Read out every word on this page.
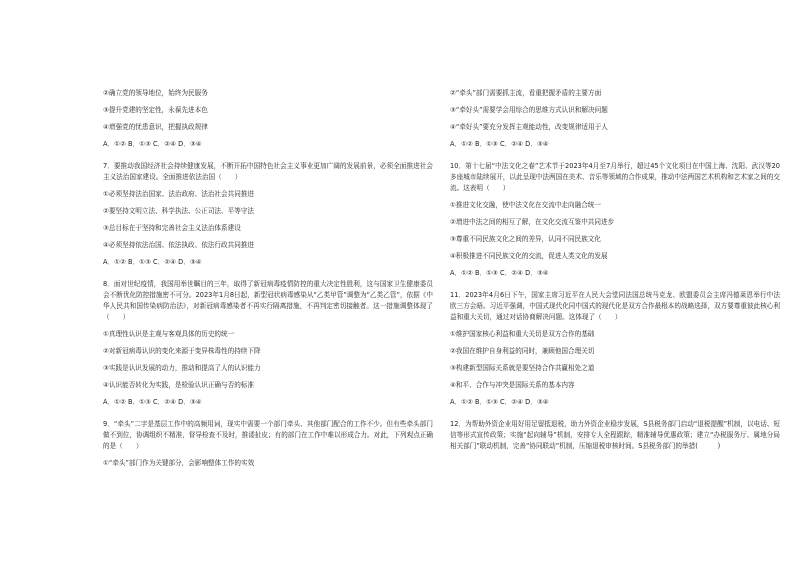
②确立党的领导地位，始终为民服务
③提升党建的坚定性，永葆先进本色
④增强党的忧患意识，把握执政规律
A．①② B．①③ C．②④ D．③④
7．要推动我国经济社会持续健康发展，不断开拓中国特色社会主义事业更加广阔的发展前景，必须全面推进社会主义法治国家建设。全面推进依法治国（　　）
①必须坚持法治国家、法治政府、法治社会共同推进
②要坚持文明立法、科学执法、公正司法、平等守法
③总目标在于坚持和完善社会主义法治体系建设
④必须坚持依法治国、依法执政、依法行政共同推进
A．①② B．①③ C．②④ D．③④
8．面对世纪疫情，我国用举世瞩目的三年，取得了新冠病毒疫情防控的重大决定性胜利，这与国家卫生健康委员会不断优化防控措施密不可分。2023年1月8日起，新型冠状病毒感染从“乙类甲管”调整为“乙类乙管”，依据《中华人民共和国传染病防治法》，对新冠病毒感染者不再实行隔离措施，不再判定密切接触者。这一措施调整体现了（　　）
①真理性认识是主观与客观具体的历史的统一
②对新冠病毒认识的变化来源于变异株毒性的持续下降
③实践是认识发展的动力，推动和提高了人的认识能力
④认识能否转化为实践，是检验认识正确与否的标准
A．①② B．①③ C．②④ D．③④
9．“牵头”二字是基层工作中的高频用词，现实中需要一个部门牵头、其他部门配合的工作不少。但有些牵头部门做不到位，协调组织不精准，督导检查不及时，推诿扯皮；有的部门在工作中难以形成合力。对此，下列观点正确的是（　　）
①“牵头”部门作为关键部分，会影响整体工作的实效
②“牵头”部门需要抓主流，看重把握矛盾的主要方面
③“牵好头”需要学会用综合的思维方式认识和解决问题
④“牵好头”要充分发挥主观能动性，改变规律适用于人
A．①② B．①③ C．②④ D．③④
10．第十七届“中法文化之春”艺术节于2023年4月至7月举行，超过45个文化项目在中国上海、沈阳、武汉等20多座城市陆续展开，以此呈现中法两国在美术、音乐等领域的合作成果，推动中法两国艺术机构和艺术家之间的交流。这表明（　　）
①推进文化交融，使中法文化在交流中走向融合统一
②增进中法之间的相互了解，在文化交流互鉴中共同进步
③尊重不同民族文化之间的差异，认同不同民族文化
④积极推进不同民族文化的交流，促进人类文化的发展
A．①② B．①③ C．②④ D．③④
11．2023年4月6日下午，国家主席习近平在人民大会堂同法国总统马克龙、欧盟委员会主席冯德莱恩举行中法欧三方会晤。习近平强调，中国式现代化同中国式的现代化是双方合作最根本的战略选择，双方要尊重彼此核心利益和重大关切，通过对话协商解决问题。这体现了（　　）
①维护国家核心利益和重大关切是双方合作的基础
②我国在维护自身利益的同时，兼顾他国合理关切
③构建新型国际关系就是要坚持合作共赢相处之道
④和平、合作与冲突是国际关系的基本内容
A．①② B．①③ C．②④ D．③④
12．为帮助外资企业用好用足留抵退税，助力外资企业稳步发展，S县税务部门启动“退税提醒”机制，以电话、短信等形式宣传政策；实施“起向辅导”机制，安排专人全程跟踪，精准辅导优惠政策；建立“办税服务厅、属地分局相关部门”联动机制，完善“协同联动”机制，压缩退税审核时间。S县税务部门的举措(　　　)
